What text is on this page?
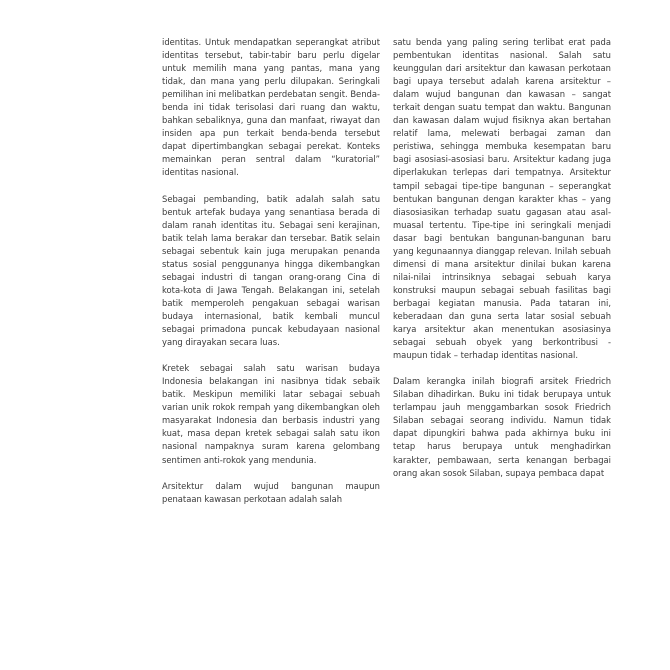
identitas. Untuk mendapatkan seperangkat atribut identitas tersebut, tabir-tabir baru perlu digelar untuk memilih mana yang pantas, mana yang tidak, dan mana yang perlu dilupakan. Seringkali pemilihan ini melibatkan perdebatan sengit. Benda-benda ini tidak terisolasi dari ruang dan waktu, bahkan sebaliknya, guna dan manfaat, riwayat dan insiden apa pun terkait benda-benda tersebut dapat dipertimbangkan sebagai perekat. Konteks memainkan peran sentral dalam “kuratorial” identitas nasional.

Sebagai pembanding, batik adalah salah satu bentuk artefak budaya yang senantiasa berada di dalam ranah identitas itu. Sebagai seni kerajinan, batik telah lama berakar dan tersebar. Batik selain sebagai sebentuk kain juga merupakan penanda status sosial penggunanya hingga dikembangkan sebagai industri di tangan orang-orang Cina di kota-kota di Jawa Tengah. Belakangan ini, setelah batik memperoleh pengakuan sebagai warisan budaya internasional, batik kembali muncul sebagai primadona puncak kebudayaan nasional yang dirayakan secara luas.

Kretek sebagai salah satu warisan budaya Indonesia belakangan ini nasibnya tidak sebaik batik. Meskipun memiliki latar sebagai sebuah varian unik rokok rempah yang dikembangkan oleh masyarakat Indonesia dan berbasis industri yang kuat, masa depan kretek sebagai salah satu ikon nasional nampaknya suram karena gelombang sentimen anti-rokok yang mendunia.

Arsitektur dalam wujud bangunan maupun penataan kawasan perkotaan adalah salah

satu benda yang paling sering terlibat erat pada pembentukan identitas nasional. Salah satu keunggulan dari arsitektur dan kawasan perkotaan bagi upaya tersebut adalah karena arsitektur – dalam wujud bangunan dan kawasan – sangat terkait dengan suatu tempat dan waktu. Bangunan dan kawasan dalam wujud fisiknya akan bertahan relatif lama, melewati berbagai zaman dan peristiwa, sehingga membuka kesempatan baru bagi asosiasi-asosiasi baru. Arsitektur kadang juga diperlakukan terlepas dari tempatnya. Arsitektur tampil sebagai tipe-tipe bangunan – seperangkat bentukan bangunan dengan karakter khas – yang diasosiasikan terhadap suatu gagasan atau asal-muasal tertentu. Tipe-tipe ini seringkali menjadi dasar bagi bentukan bangunan-bangunan baru yang kegunaannya dianggap relevan. Inilah sebuah dimensi di mana arsitektur dinilai bukan karena nilai-nilai intrinsiknya sebagai sebuah karya konstruksi maupun sebagai sebuah fasilitas bagi berbagai kegiatan manusia. Pada tataran ini, keberadaan dan guna serta latar sosial sebuah karya arsitektur akan menentukan asosiasinya sebagai sebuah obyek yang berkontribusi - maupun tidak – terhadap identitas nasional.

Dalam kerangka inilah biografi arsitek Friedrich Silaban dihadirkan. Buku ini tidak berupaya untuk terlampau jauh menggambarkan sosok Friedrich Silaban sebagai seorang individu. Namun tidak dapat dipungkiri bahwa pada akhirnya buku ini tetap harus berupaya untuk menghadirkan karakter, pembawaan, serta kenangan berbagai orang akan sosok Silaban, supaya pembaca dapat
